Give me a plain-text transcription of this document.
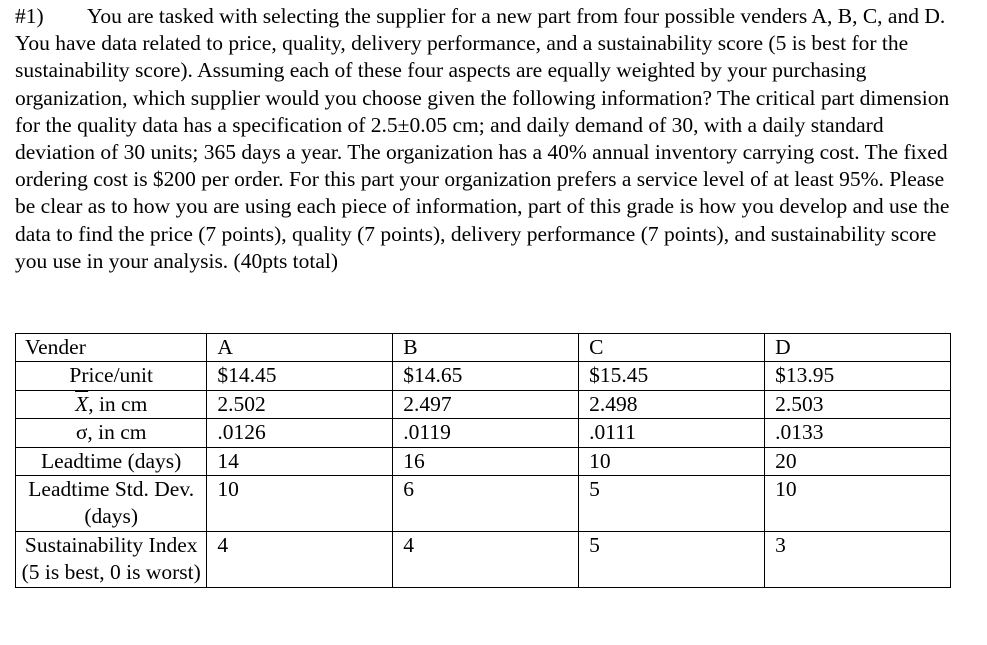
#1) You are tasked with selecting the supplier for a new part from four possible venders A, B, C, and D. You have data related to price, quality, delivery performance, and a sustainability score (5 is best for the sustainability score). Assuming each of these four aspects are equally weighted by your purchasing organization, which supplier would you choose given the following information? The critical part dimension for the quality data has a specification of 2.5±0.05 cm; and daily demand of 30, with a daily standard deviation of 30 units; 365 days a year. The organization has a 40% annual inventory carrying cost. The fixed ordering cost is $200 per order. For this part your organization prefers a service level of at least 95%. Please be clear as to how you are using each piece of information, part of this grade is how you develop and use the data to find the price (7 points), quality (7 points), delivery performance (7 points), and sustainability score you use in your analysis. (40pts total)

Vender	A	B	C	D
Price/unit	$14.45	$14.65	$15.45	$13.95
$\overline{X}$, in cm	2.502	2.497	2.498	2.503
σ, in cm	.0126	.0119	.0111	.0133
Leadtime (days)	14	16	10	20
Leadtime Std. Dev. (days)	10	6	5	10
Sustainability Index (5 is best, 0 is worst)	4	4	5	3
